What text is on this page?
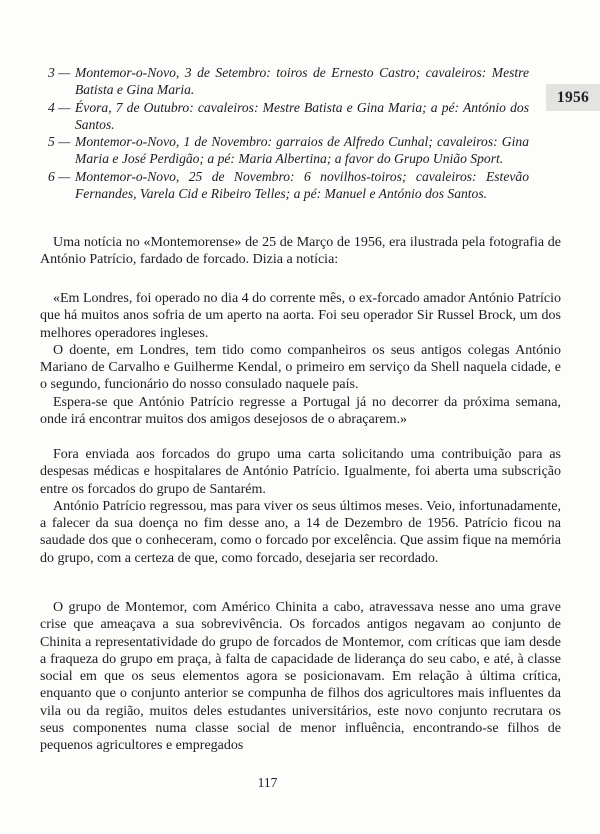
1956

3 — Montemor-o-Novo, 3 de Setembro: toiros de Ernesto Castro; cavaleiros: Mestre Batista e Gina Maria.

4 — Évora, 7 de Outubro: cavaleiros: Mestre Batista e Gina Maria; a pé: António dos Santos.

5 — Montemor-o-Novo, 1 de Novembro: garraios de Alfredo Cunhal; cavaleiros: Gina Maria e José Perdigão; a pé: Maria Albertina; a favor do Grupo União Sport.

6 — Montemor-o-Novo, 25 de Novembro: 6 novilhos-toiros; cavaleiros: Estevão Fernandes, Varela Cid e Ribeiro Telles; a pé: Manuel e António dos Santos.

Uma notícia no «Montemorense» de 25 de Março de 1956, era ilustrada pela fotografia de António Patrício, fardado de forcado. Dizia a notícia:

«Em Londres, foi operado no dia 4 do corrente mês, o ex-forcado amador António Patrício que há muitos anos sofria de um aperto na aorta. Foi seu operador Sir Russel Brock, um dos melhores operadores ingleses.

O doente, em Londres, tem tido como companheiros os seus antigos colegas António Mariano de Carvalho e Guilherme Kendal, o primeiro em serviço da Shell naquela cidade, e o segundo, funcionário do nosso consulado naquele país.

Espera-se que António Patrício regresse a Portugal já no decorrer da próxima semana, onde irá encontrar muitos dos amigos desejosos de o abraçarem.»

Fora enviada aos forcados do grupo uma carta solicitando uma contribuição para as despesas médicas e hospitalares de António Patrício. Igualmente, foi aberta uma subscrição entre os forcados do grupo de Santarém.

António Patrício regressou, mas para viver os seus últimos meses. Veio, infortunadamente, a falecer da sua doença no fim desse ano, a 14 de Dezembro de 1956. Patrício ficou na saudade dos que o conheceram, como o forcado por excelência. Que assim fique na memória do grupo, com a certeza de que, como forcado, desejaria ser recordado.

O grupo de Montemor, com Américo Chinita a cabo, atravessava nesse ano uma grave crise que ameaçava a sua sobrevivência. Os forcados antigos negavam ao conjunto de Chinita a representatividade do grupo de forcados de Montemor, com críticas que iam desde a fraqueza do grupo em praça, à falta de capacidade de liderança do seu cabo, e até, à classe social em que os seus elementos agora se posicionavam. Em relação à última crítica, enquanto que o conjunto anterior se compunha de filhos dos agricultores mais influentes da vila ou da região, muitos deles estudantes universitários, este novo conjunto recrutara os seus componentes numa classe social de menor influência, encontrando-se filhos de pequenos agricultores e empregados

117
